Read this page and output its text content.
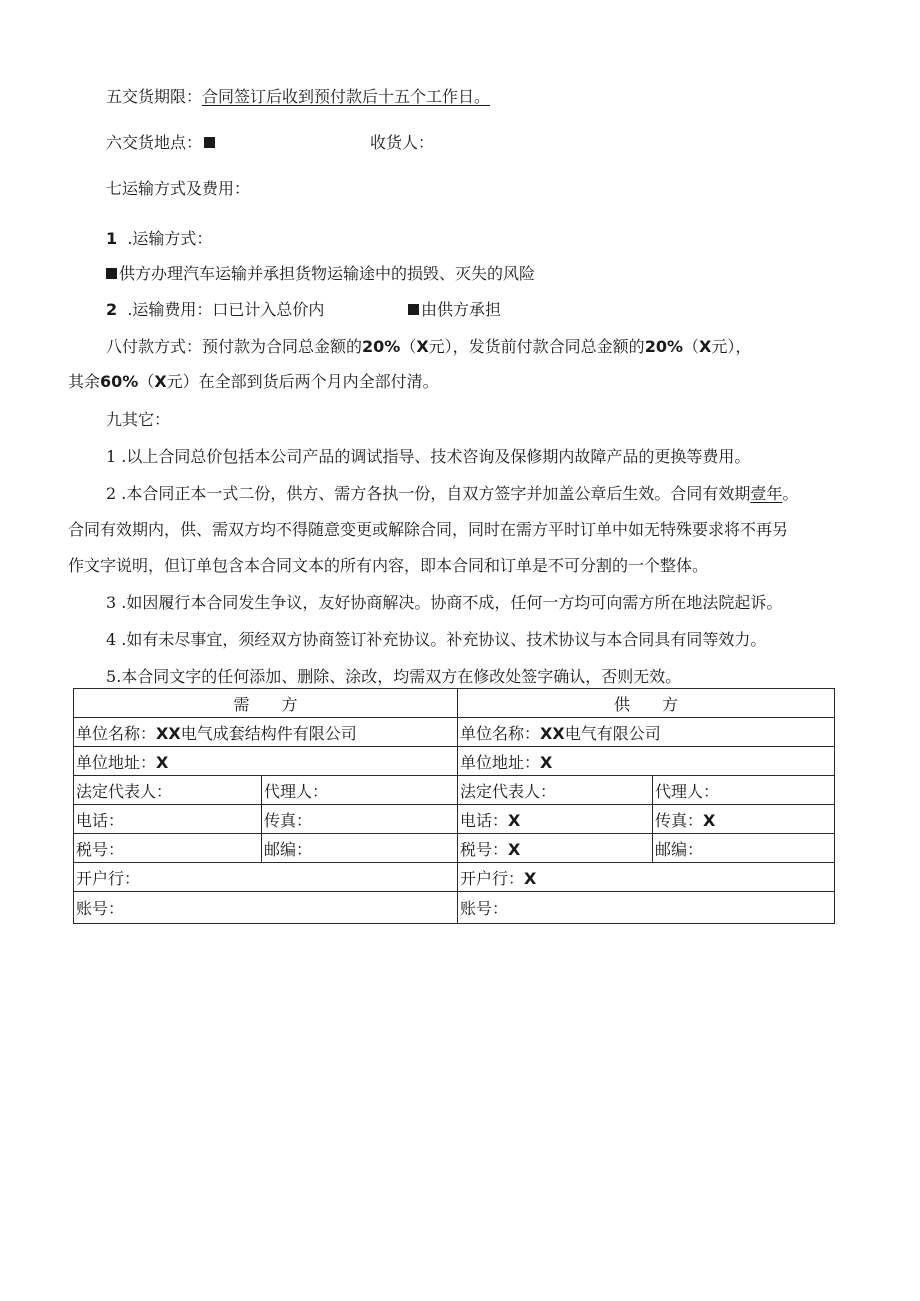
五交货期限：合同签订后收到预付款后十五个工作日。
六交货地点：	收货人：
七运输方式及费用：
1 .运输方式：
供方办理汽车运输并承担货物运输途中的损毁、灭失的风险
2 .运输费用：口已计入总价内	由供方承担
八付款方式：预付款为合同总金额的20%（X元），发货前付款合同总金额的20%（X元），
其余60%（X元）在全部到货后两个月内全部付清。
九其它：
1 .以上合同总价包括本公司产品的调试指导、技术咨询及保修期内故障产品的更换等费用。
2 .本合同正本一式二份，供方、需方各执一份，自双方签字并加盖公章后生效。合同有效期壹年。
合同有效期内，供、需双方均不得随意变更或解除合同，同时在需方平时订单中如无特殊要求将不再另
作文字说明，但订单包含本合同文本的所有内容，即本合同和订单是不可分割的一个整体。
3 .如因履行本合同发生争议，友好协商解决。协商不成，任何一方均可向需方所在地法院起诉。
4 .如有未尽事宜，须经双方协商签订补充协议。补充协议、技术协议与本合同具有同等效力。
5.本合同文字的任何添加、删除、涂改，均需双方在修改处签字确认，否则无效。
需　　方		供　　方	
单位名称：XX电气成套结构件有限公司		单位名称：XX电气有限公司	
单位地址：X		单位地址：X	
法定代表人：	代理人：	法定代表人：	代理人：
电话：	传真：	电话：X	传真：X
税号：	邮编：	税号：X	邮编：
开户行：		开户行：X	
账号：		账号：	
